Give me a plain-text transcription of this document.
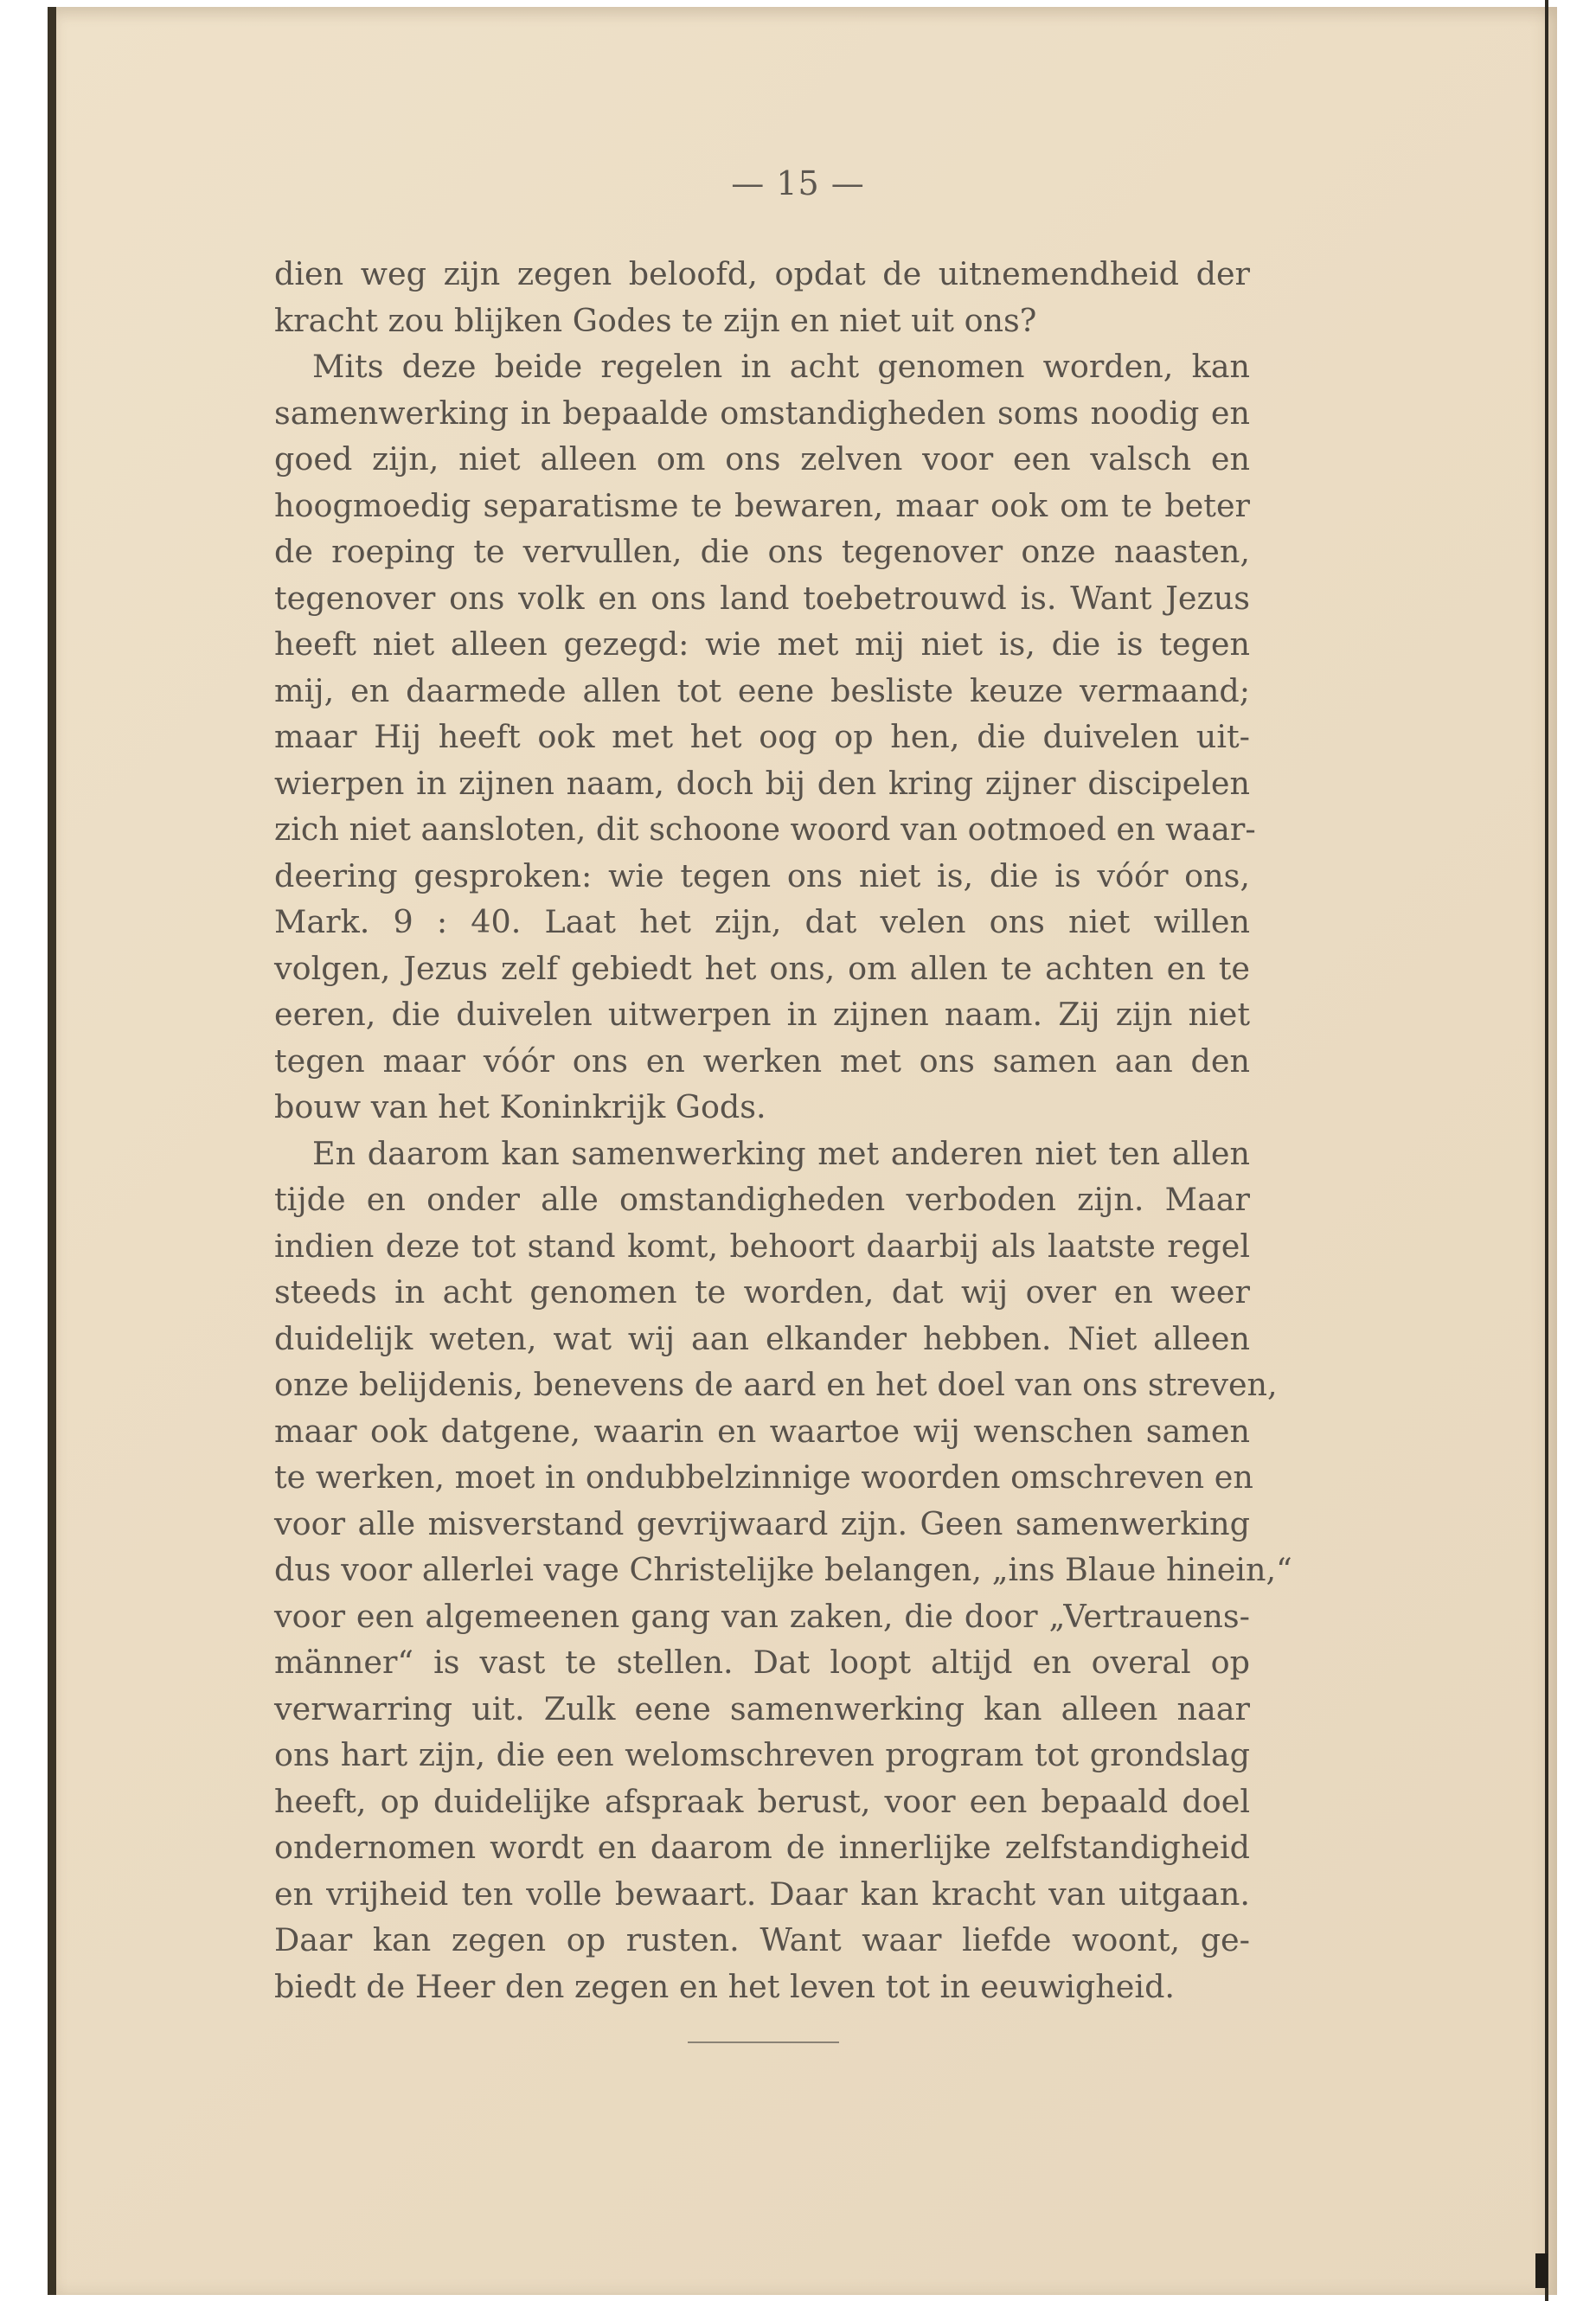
— 15 —
dien weg zijn zegen beloofd, opdat de uitnemendheid der
kracht zou blijken Godes te zijn en niet uit ons?
Mits deze beide regelen in acht genomen worden, kan
samenwerking in bepaalde omstandigheden soms noodig en
goed zijn, niet alleen om ons zelven voor een valsch en
hoogmoedig separatisme te bewaren, maar ook om te beter
de roeping te vervullen, die ons tegenover onze naasten,
tegenover ons volk en ons land toebetrouwd is. Want Jezus
heeft niet alleen gezegd: wie met mij niet is, die is tegen
mij, en daarmede allen tot eene besliste keuze vermaand;
maar Hij heeft ook met het oog op hen, die duivelen uit-
wierpen in zijnen naam, doch bij den kring zijner discipelen
zich niet aansloten, dit schoone woord van ootmoed en waar-
deering gesproken: wie tegen ons niet is, die is vóór ons,
Mark. 9 : 40. Laat het zijn, dat velen ons niet willen
volgen, Jezus zelf gebiedt het ons, om allen te achten en te
eeren, die duivelen uitwerpen in zijnen naam. Zij zijn niet
tegen maar vóór ons en werken met ons samen aan den
bouw van het Koninkrijk Gods.
En daarom kan samenwerking met anderen niet ten allen
tijde en onder alle omstandigheden verboden zijn. Maar
indien deze tot stand komt, behoort daarbij als laatste regel
steeds in acht genomen te worden, dat wij over en weer
duidelijk weten, wat wij aan elkander hebben. Niet alleen
onze belijdenis, benevens de aard en het doel van ons streven,
maar ook datgene, waarin en waartoe wij wenschen samen
te werken, moet in ondubbelzinnige woorden omschreven en
voor alle misverstand gevrijwaard zijn. Geen samenwerking
dus voor allerlei vage Christelijke belangen, „ins Blaue hinein,“
voor een algemeenen gang van zaken, die door „Vertrauens-
männer“ is vast te stellen. Dat loopt altijd en overal op
verwarring uit. Zulk eene samenwerking kan alleen naar
ons hart zijn, die een welomschreven program tot grondslag
heeft, op duidelijke afspraak berust, voor een bepaald doel
ondernomen wordt en daarom de innerlijke zelfstandigheid
en vrijheid ten volle bewaart. Daar kan kracht van uitgaan.
Daar kan zegen op rusten. Want waar liefde woont, ge-
biedt de Heer den zegen en het leven tot in eeuwigheid.
